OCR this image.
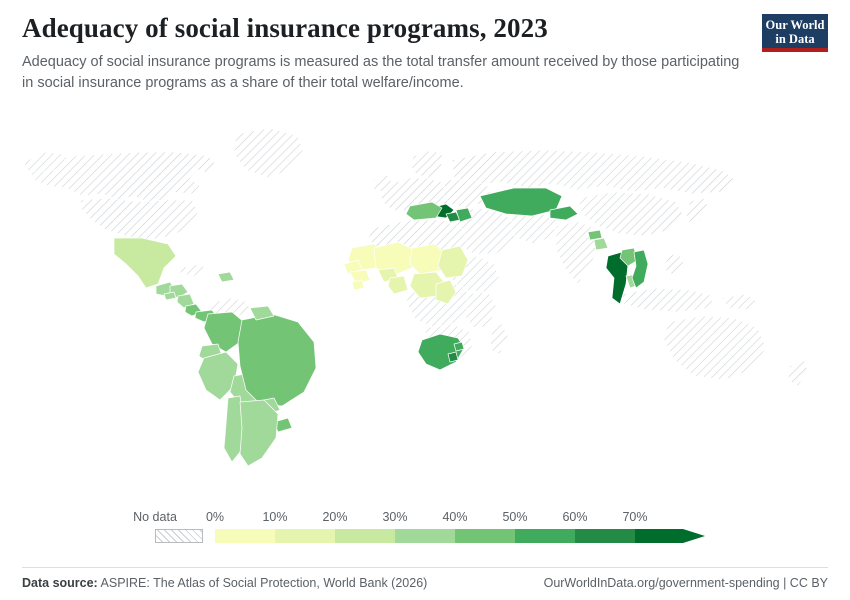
Adequacy of social insurance programs, 2023

Adequacy of social insurance programs is measured as the total transfer amount received by those participating in social insurance programs as a share of their total welfare/income.

Our World
in Data
No data 0%	10%	20%	30%	40%	50%	60%	70%
Data source: ASPIRE: The Atlas of Social Protection, World Bank (2026)	OurWorldInData.org/government-spending | CC BY
